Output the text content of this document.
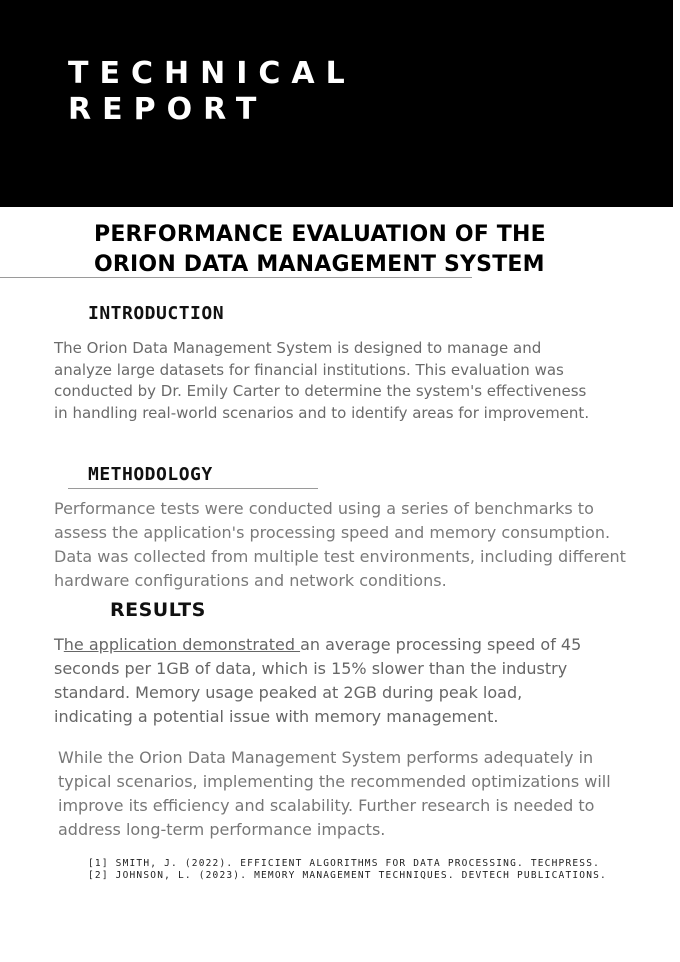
TECHNICAL
REPORT
PERFORMANCE EVALUATION OF THE
ORION DATA MANAGEMENT SYSTEM
INTRODUCTION

The Orion Data Management System is designed to manage and analyze large datasets for financial institutions. This evaluation was conducted by Dr. Emily Carter to determine the system's effectiveness in handling real-world scenarios and to identify areas for improvement.

METHODOLOGY

Performance tests were conducted using a series of benchmarks to assess the application's processing speed and memory consumption. Data was collected from multiple test environments, including different hardware configurations and network conditions.

RESULTS

The application demonstrated an average processing speed of 45 seconds per 1GB of data, which is 15% slower than the industry standard. Memory usage peaked at 2GB during peak load, indicating a potential issue with memory management.

While the Orion Data Management System performs adequately in typical scenarios, implementing the recommended optimizations will improve its efficiency and scalability. Further research is needed to address long-term performance impacts.

[1] SMITH, J. (2022). EFFICIENT ALGORITHMS FOR DATA PROCESSING. TECHPRESS. [2] JOHNSON, L. (2023). MEMORY MANAGEMENT TECHNIQUES. DEVTECH PUBLICATIONS.
